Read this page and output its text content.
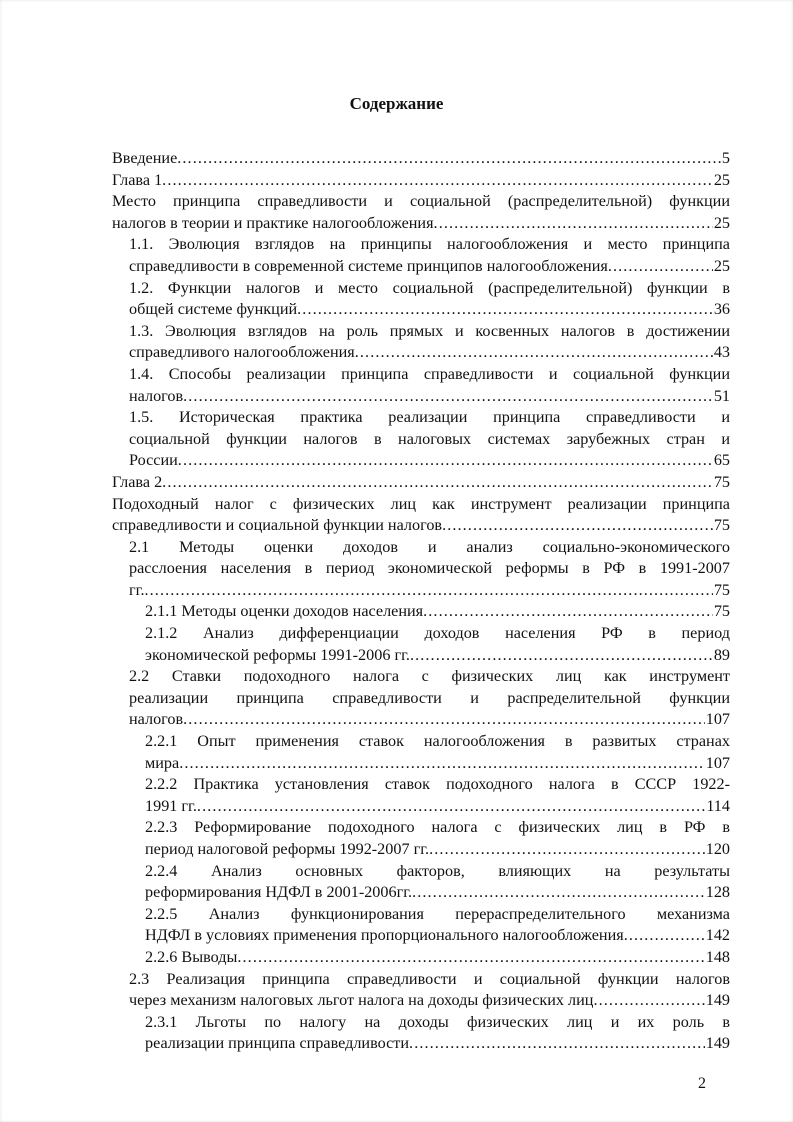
Содержание
Введение .....	5
Глава 1 .....	25
Место принципа справедливости и социальной (распределительной) функции
налогов в теории и практике налогообложения .....	25
1.1. Эволюция взглядов на принципы налогообложения и место принципа
справедливости в современной системе принципов налогообложения .....	25
1.2. Функции налогов и место социальной (распределительной) функции в
общей системе функций .....	36
1.3. Эволюция взглядов на роль прямых и косвенных налогов в достижении
справедливого налогообложения .....	43
1.4. Способы реализации принципа справедливости и социальной функции
налогов .....	51
1.5. Историческая практика реализации принципа справедливости и
социальной функции налогов в налоговых системах зарубежных стран и
России .....	65
Глава 2 .....	75
Подоходный налог с физических лиц как инструмент реализации принципа
справедливости и социальной функции налогов .....	75
2.1 Методы оценки доходов и анализ социально-экономического
расслоения населения в период экономической реформы в РФ в 1991-2007
гг. .....	75
2.1.1 Методы оценки доходов населения .....	75
2.1.2 Анализ дифференциации доходов населения РФ в период
экономической реформы 1991-2006 гг. .....	89
2.2 Ставки подоходного налога с физических лиц как инструмент
реализации принципа справедливости и распределительной функции
налогов .....	107
2.2.1 Опыт применения ставок налогообложения в развитых странах
мира .....	107
2.2.2 Практика установления ставок подоходного налога в СССР 1922-
1991 гг. .....	114
2.2.3 Реформирование подоходного налога с физических лиц в РФ в
период налоговой реформы 1992-2007 гг. .....	120
2.2.4 Анализ основных факторов, влияющих на результаты
реформирования НДФЛ в 2001-2006гг. .....	128
2.2.5 Анализ функционирования перераспределительного механизма
НДФЛ в условиях применения пропорционального налогообложения .....	142
2.2.6 Выводы .....	148
2.3 Реализация принципа справедливости и социальной функции налогов
через механизм налоговых льгот налога на доходы физических лиц .....	149
2.3.1 Льготы по налогу на доходы физических лиц и их роль в
реализации принципа справедливости .....	149
2
